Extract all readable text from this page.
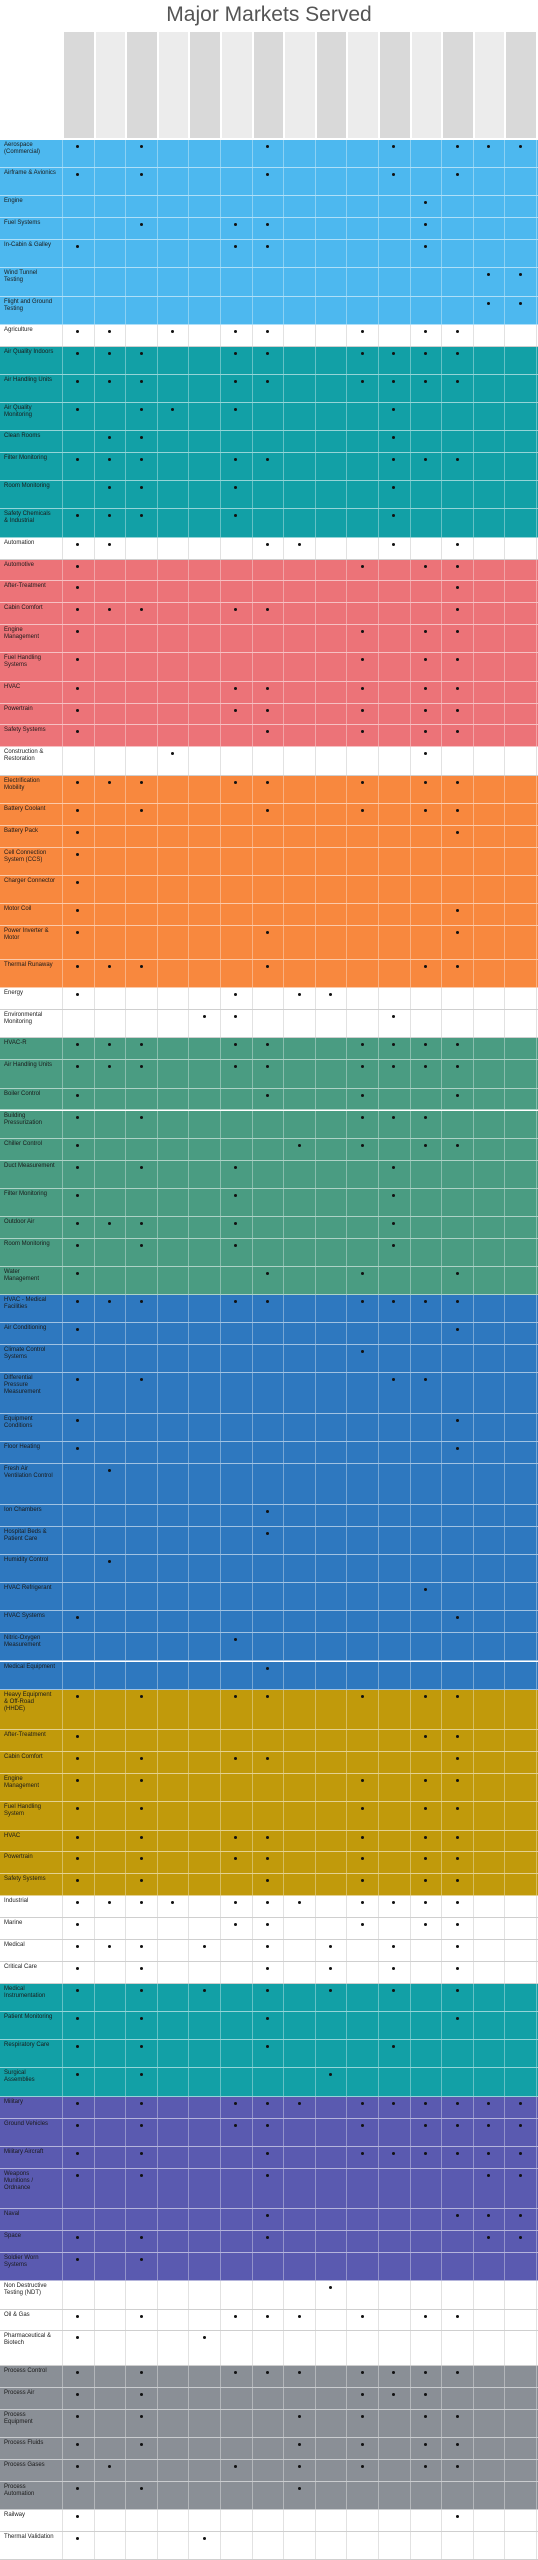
Major Markets Served
Aerospace (Commercial)
Airframe & Avionics
Engine
Fuel Systems
In-Cabin & Galley
Wind Tunnel Testing
Flight and Ground Testing
Agriculture
Air Quality Indoors
Air Handling Units
Air Quality Monitoring
Clean Rooms
Filter Monitoring
Room Monitoring
Safety Chemicals & Industrial
Automation
Automotive
After-Treatment
Cabin Comfort
Engine Management
Fuel Handling Systems
HVAC
Powertrain
Safety Systems
Construction & Restoration
Electrification Mobility
Battery Coolant
Battery Pack
Cell Connection System (CCS)
Charger Connector
Motor Coil
Power Inverter & Motor
Thermal Runaway
Energy
Environmental Monitoring
HVAC-R
Air Handling Units
Boiler Control
Building Pressurization
Chiller Control
Duct Measurement
Filter Monitoring
Outdoor Air
Room Monitoring
Water Management
HVAC - Medical Facilities
Air Conditioning
Climate Control Systems
Differential Pressure Measurement
Equipment Conditions
Floor Heating
Fresh Air Ventilation Control
Ion Chambers
Hospital Beds & Patient Care
Humidity Control
HVAC Refrigerant
HVAC Systems
Nitric-Oxygen Measurement
Medical Equipment
Heavy Equipment & Off-Road (HHDE)
After-Treatment
Cabin Comfort
Engine Management
Fuel Handling System
HVAC
Powertrain
Safety Systems
Industrial
Marine
Medical
Critical Care
Medical Instrumentation
Patient Monitoring
Respiratory Care
Surgical Assemblies
Military
Ground Vehicles
Military Aircraft
Weapons Munitions / Ordnance
Naval
Space
Soldier Worn Systems
Non Destructive Testing (NDT)
Oil & Gas
Pharmaceutical & Biotech
Process Control
Process Air
Process Equipment
Process Fluids
Process Gases
Process Automation
Railway
Thermal Validation
